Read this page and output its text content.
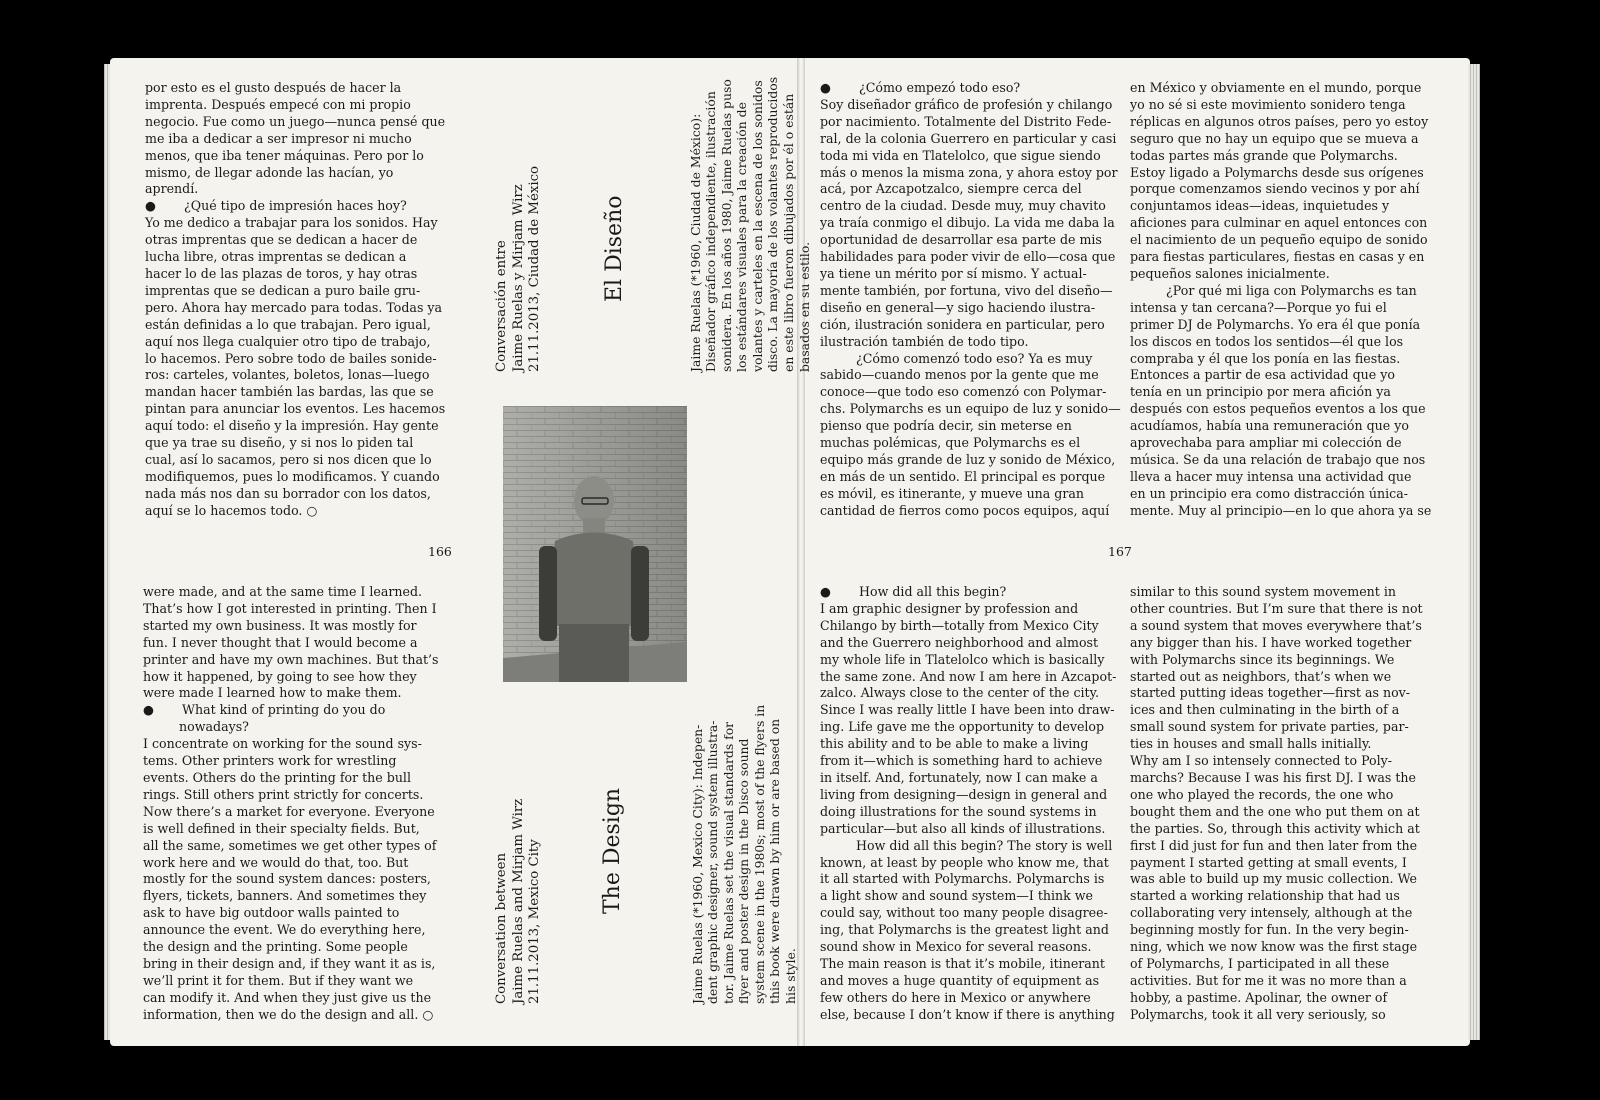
por esto es el gusto después de hacer la
imprenta. Después empecé con mi propio
negocio. Fue como un juego—nunca pensé que
me iba a dedicar a ser impresor ni mucho
menos, que iba tener máquinas. Pero por lo
mismo, de llegar adonde las hacían, yo
aprendí.
●       ¿Qué tipo de impresión haces hoy?
Yo me dedico a trabajar para los sonidos. Hay
otras imprentas que se dedican a hacer de
lucha libre, otras imprentas se dedican a
hacer lo de las plazas de toros, y hay otras
imprentas que se dedican a puro baile gru-
pero. Ahora hay mercado para todas. Todas ya
están definidas a lo que trabajan. Pero igual,
aquí nos llega cualquier otro tipo de trabajo,
lo hacemos. Pero sobre todo de bailes sonide-
ros: carteles, volantes, boletos, lonas—luego
mandan hacer también las bardas, las que se
pintan para anunciar los eventos. Les hacemos
aquí todo: el diseño y la impresión. Hay gente
que ya trae su diseño, y si nos lo piden tal
cual, así lo sacamos, pero si nos dicen que lo
modifiquemos, pues lo modificamos. Y cuando
nada más nos dan su borrador con los datos,
aquí se lo hacemos todo. ○
were made, and at the same time I learned.
That’s how I got interested in printing. Then I
started my own business. It was mostly for
fun. I never thought that I would become a
printer and have my own machines. But that’s
how it happened, by going to see how they
were made I learned how to make them.
●       What kind of printing do you do
nowadays?
I concentrate on working for the sound sys-
tems. Other printers work for wrestling
events. Others do the printing for the bull
rings. Still others print strictly for concerts.
Now there’s a market for everyone. Everyone
is well defined in their specialty fields. But,
all the same, sometimes we get other types of
work here and we would do that, too. But
mostly for the sound system dances: posters,
flyers, tickets, banners. And sometimes they
ask to have big outdoor walls painted to
announce the event. We do everything here,
the design and the printing. Some people
bring in their design and, if they want it as is,
we’ll print it for them. But if they want we
can modify it. And when they just give us the
information, then we do the design and all. ○
166	167

Conversación entre Jaime Ruelas y Mirjam Wirz 21.11.2013, Ciudad de México

	El Diseño

	Jaime Ruelas (*1960, Ciudad de México): Diseñador gráfico independiente, ilustración sonidera. En los años 1980, Jaime Ruelas puso los estándares visuales para la creación de volantes y carteles en la escena de los sonidos disco. La mayoría de los volantes reproducidos en este libro fueron dibujados por él o están basados en su estilo.

Conversation between Jaime Ruelas and Mirjam Wirz 21.11.2013, Mexico City

	The Design

	Jaime Ruelas (*1960, Mexico City): Indepen- dent graphic designer, sound system illustra- tor. Jaime Ruelas set the visual standards for flyer and poster design in the Disco sound system scene in the 1980s; most of the flyers in this book were drawn by him or are based on his style.

●       ¿Cómo empezó todo eso?
Soy diseñador gráfico de profesión y chilango
por nacimiento. Totalmente del Distrito Fede-
ral, de la colonia Guerrero en particular y casi
toda mi vida en Tlatelolco, que sigue siendo
más o menos la misma zona, y ahora estoy por
acá, por Azcapotzalco, siempre cerca del
centro de la ciudad. Desde muy, muy chavito
ya traía conmigo el dibujo. La vida me daba la
oportunidad de desarrollar esa parte de mis
habilidades para poder vivir de ello—cosa que
ya tiene un mérito por sí mismo. Y actual-
mente también, por fortuna, vivo del diseño—
diseño en general—y sigo haciendo ilustra-
ción, ilustración sonidera en particular, pero
ilustración también de todo tipo.
¿Cómo comenzó todo eso? Ya es muy
sabido—cuando menos por la gente que me
conoce—que todo eso comenzó con Polymar-
chs. Polymarchs es un equipo de luz y sonido—
pienso que podría decir, sin meterse en
muchas polémicas, que Polymarchs es el
equipo más grande de luz y sonido de México,
en más de un sentido. El principal es porque
es móvil, es itinerante, y mueve una gran
cantidad de fierros como pocos equipos, aquí
en México y obviamente en el mundo, porque
yo no sé si este movimiento sonidero tenga
réplicas en algunos otros países, pero yo estoy
seguro que no hay un equipo que se mueva a
todas partes más grande que Polymarchs.
Estoy ligado a Polymarchs desde sus orígenes
porque comenzamos siendo vecinos y por ahí
conjuntamos ideas—ideas, inquietudes y
aficiones para culminar en aquel entonces con
el nacimiento de un pequeño equipo de sonido
para fiestas particulares, fiestas en casas y en
pequeños salones inicialmente.
¿Por qué mi liga con Polymarchs es tan
intensa y tan cercana?—Porque yo fui el
primer DJ de Polymarchs. Yo era él que ponía
los discos en todos los sentidos—él que los
compraba y él que los ponía en las fiestas.
Entonces a partir de esa actividad que yo
tenía en un principio por mera afición ya
después con estos pequeños eventos a los que
acudíamos, había una remuneración que yo
aprovechaba para ampliar mi colección de
música. Se da una relación de trabajo que nos
lleva a hacer muy intensa una actividad que
en un principio era como distracción única-
mente. Muy al principio—en lo que ahora ya se
●       How did all this begin?
I am graphic designer by profession and
Chilango by birth—totally from Mexico City
and the Guerrero neighborhood and almost
my whole life in Tlatelolco which is basically
the same zone. And now I am here in Azcapot-
zalco. Always close to the center of the city.
Since I was really little I have been into draw-
ing. Life gave me the opportunity to develop
this ability and to be able to make a living
from it—which is something hard to achieve
in itself. And, fortunately, now I can make a
living from designing—design in general and
doing illustrations for the sound systems in
particular—but also all kinds of illustrations.
How did all this begin? The story is well
known, at least by people who know me, that
it all started with Polymarchs. Polymarchs is
a light show and sound system—I think we
could say, without too many people disagree-
ing, that Polymarchs is the greatest light and
sound show in Mexico for several reasons.
The main reason is that it’s mobile, itinerant
and moves a huge quantity of equipment as
few others do here in Mexico or anywhere
else, because I don’t know if there is anything
similar to this sound system movement in
other countries. But I’m sure that there is not
a sound system that moves everywhere that’s
any bigger than his. I have worked together
with Polymarchs since its beginnings. We
started out as neighbors, that’s when we
started putting ideas together—first as nov-
ices and then culminating in the birth of a
small sound system for private parties, par-
ties in houses and small halls initially.
Why am I so intensely connected to Poly-
marchs? Because I was his first DJ. I was the
one who played the records, the one who
bought them and the one who put them on at
the parties. So, through this activity which at
first I did just for fun and then later from the
payment I started getting at small events, I
was able to build up my music collection. We
started a working relationship that had us
collaborating very intensely, although at the
beginning mostly for fun. In the very begin-
ning, which we now know was the first stage
of Polymarchs, I participated in all these
activities. But for me it was no more than a
hobby, a pastime. Apolinar, the owner of
Polymarchs, took it all very seriously, so
